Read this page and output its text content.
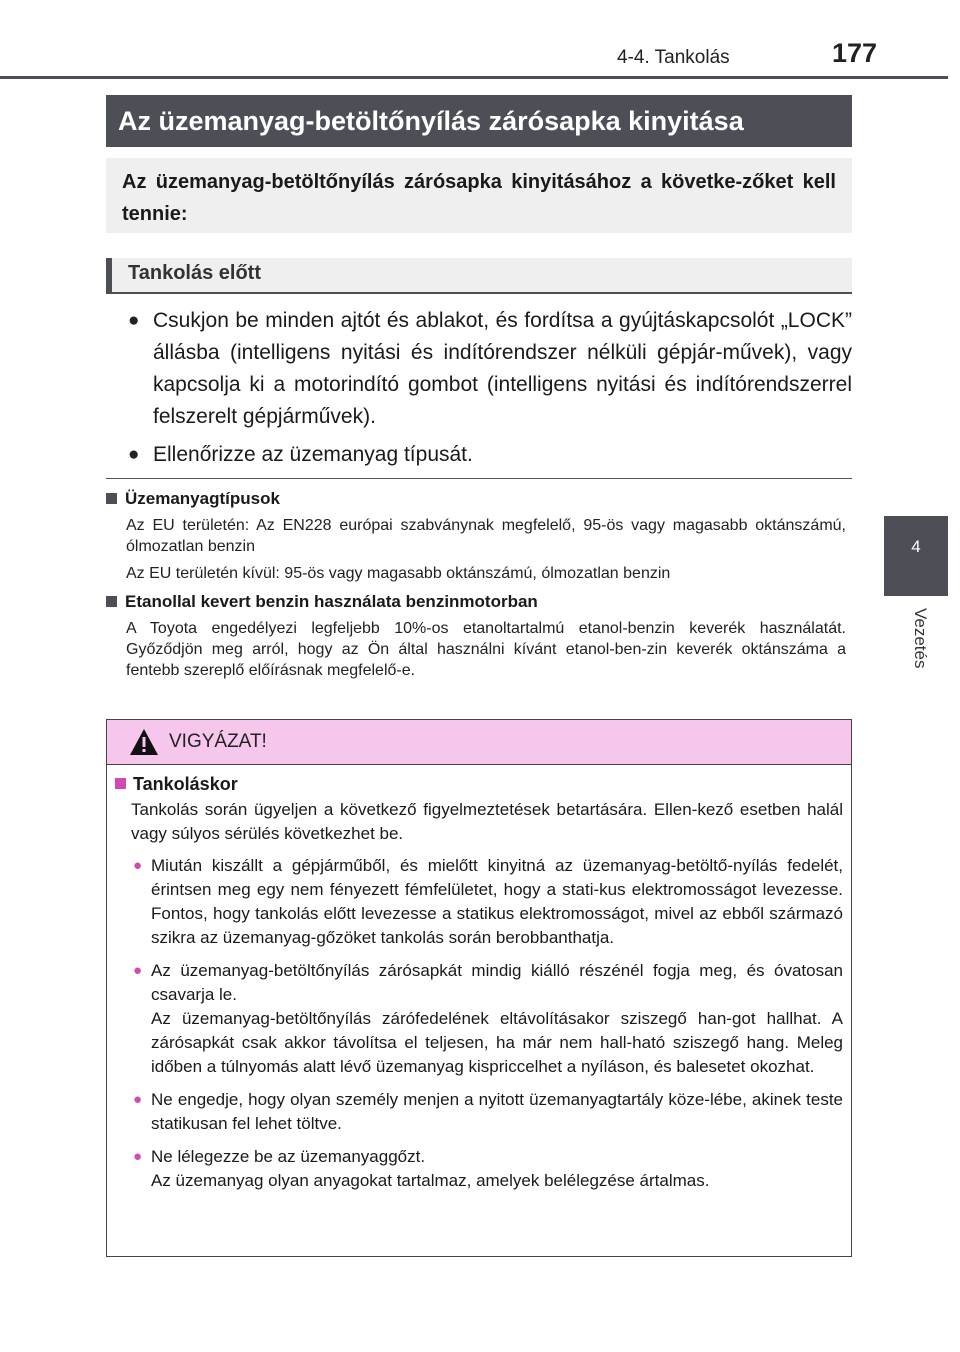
4-4. Tankolás	177
4
Vezetés
Az üzemanyag-betöltőnyílás zárósapka kinyitása
Az üzemanyag-betöltőnyílás zárósapka kinyitásához a követke-zőket kell tennie:
Tankolás előtt
● Csukjon be minden ajtót és ablakot, és fordítsa a gyújtáskapcsolót „LOCK” állásba (intelligens nyitási és indítórendszer nélküli gépjár-művek), vagy kapcsolja ki a motorindító gombot (intelligens nyitási és indítórendszerrel felszerelt gépjárművek).
● Ellenőrizze az üzemanyag típusát.
Üzemanyagtípusok
Az EU területén: Az EN228 európai szabványnak megfelelő, 95-ös vagy magasabb oktánszámú, ólmozatlan benzin
Az EU területén kívül: 95-ös vagy magasabb oktánszámú, ólmozatlan benzin
Etanollal kevert benzin használata benzinmotorban
A Toyota engedélyezi legfeljebb 10%-os etanoltartalmú etanol-benzin keverék használatát. Győződjön meg arról, hogy az Ön által használni kívánt etanol-ben-zin keverék oktánszáma a fentebb szereplő előírásnak megfelelő-e.
VIGYÁZAT!
Tankoláskor
Tankolás során ügyeljen a következő figyelmeztetések betartására. Ellen-kező esetben halál vagy súlyos sérülés következhet be.
● Miután kiszállt a gépjárműből, és mielőtt kinyitná az üzemanyag-betöltő-nyílás fedelét, érintsen meg egy nem fényezett fémfelületet, hogy a stati-kus elektromosságot levezesse. Fontos, hogy tankolás előtt levezesse a statikus elektromosságot, mivel az ebből származó szikra az üzemanyag-gőzöket tankolás során berobbanthatja.
● Az üzemanyag-betöltőnyílás zárósapkát mindig kiálló részénél fogja meg, és óvatosan csavarja le.
Az üzemanyag-betöltőnyílás zárófedelének eltávolításakor sziszegő han-got hallhat. A zárósapkát csak akkor távolítsa el teljesen, ha már nem hall-ható sziszegő hang. Meleg időben a túlnyomás alatt lévő üzemanyag kispriccelhet a nyíláson, és balesetet okozhat.
● Ne engedje, hogy olyan személy menjen a nyitott üzemanyagtartály köze-lébe, akinek teste statikusan fel lehet töltve.
● Ne lélegezze be az üzemanyaggőzt.
Az üzemanyag olyan anyagokat tartalmaz, amelyek belélegzése ártalmas.
